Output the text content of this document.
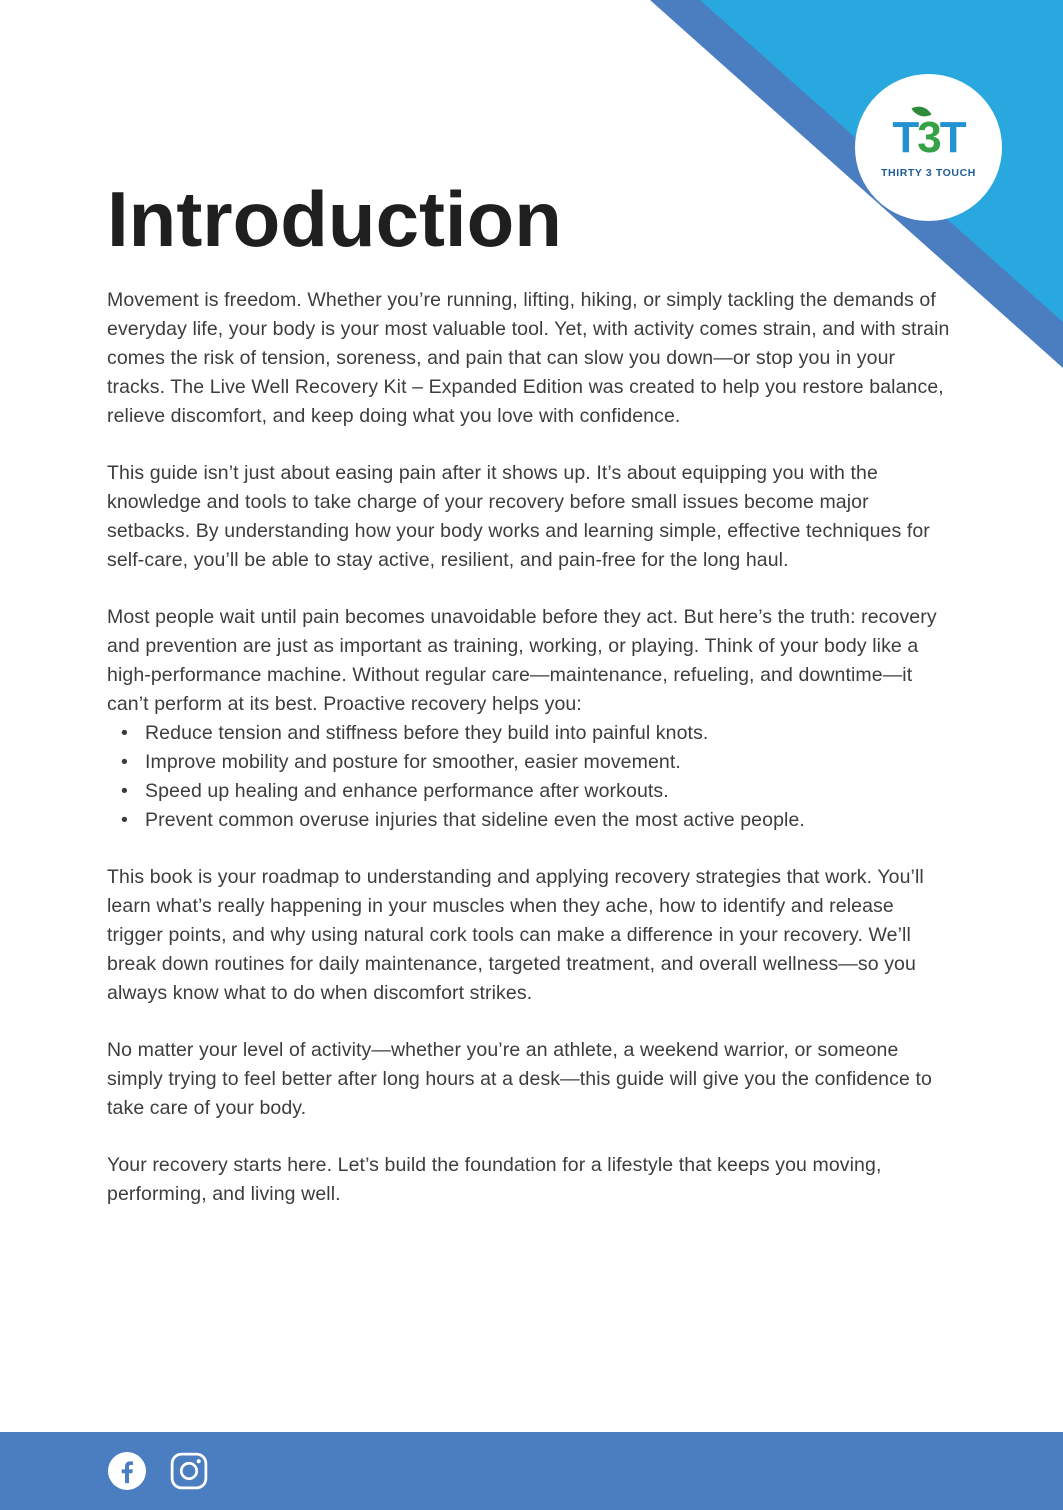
T
3T
THIRTY 3 TOUCH
Introduction

Movement is freedom. Whether you’re running, lifting, hiking, or simply tackling the demands of everyday life, your body is your most valuable tool. Yet, with activity comes strain, and with strain comes the risk of tension, soreness, and pain that can slow you down—or stop you in your tracks. The Live Well Recovery Kit – Expanded Edition was created to help you restore balance, relieve discomfort, and keep doing what you love with confidence.

This guide isn’t just about easing pain after it shows up. It’s about equipping you with the knowledge and tools to take charge of your recovery before small issues become major setbacks. By understanding how your body works and learning simple, effective techniques for self-care, you’ll be able to stay active, resilient, and pain-free for the long haul.

Most people wait until pain becomes unavoidable before they act. But here’s the truth: recovery and prevention are just as important as training, working, or playing. Think of your body like a high-performance machine. Without regular care—maintenance, refueling, and downtime—it can’t perform at its best. Proactive recovery helps you:

• Reduce tension and stiffness before they build into painful knots.
• Improve mobility and posture for smoother, easier movement.
• Speed up healing and enhance performance after workouts.
• Prevent common overuse injuries that sideline even the most active people.

This book is your roadmap to understanding and applying recovery strategies that work. You’ll learn what’s really happening in your muscles when they ache, how to identify and release trigger points, and why using natural cork tools can make a difference in your recovery. We’ll break down routines for daily maintenance, targeted treatment, and overall wellness—so you always know what to do when discomfort strikes.

No matter your level of activity—whether you’re an athlete, a weekend warrior, or someone simply trying to feel better after long hours at a desk—this guide will give you the confidence to take care of your body.

Your recovery starts here. Let’s build the foundation for a lifestyle that keeps you moving, performing, and living well.
